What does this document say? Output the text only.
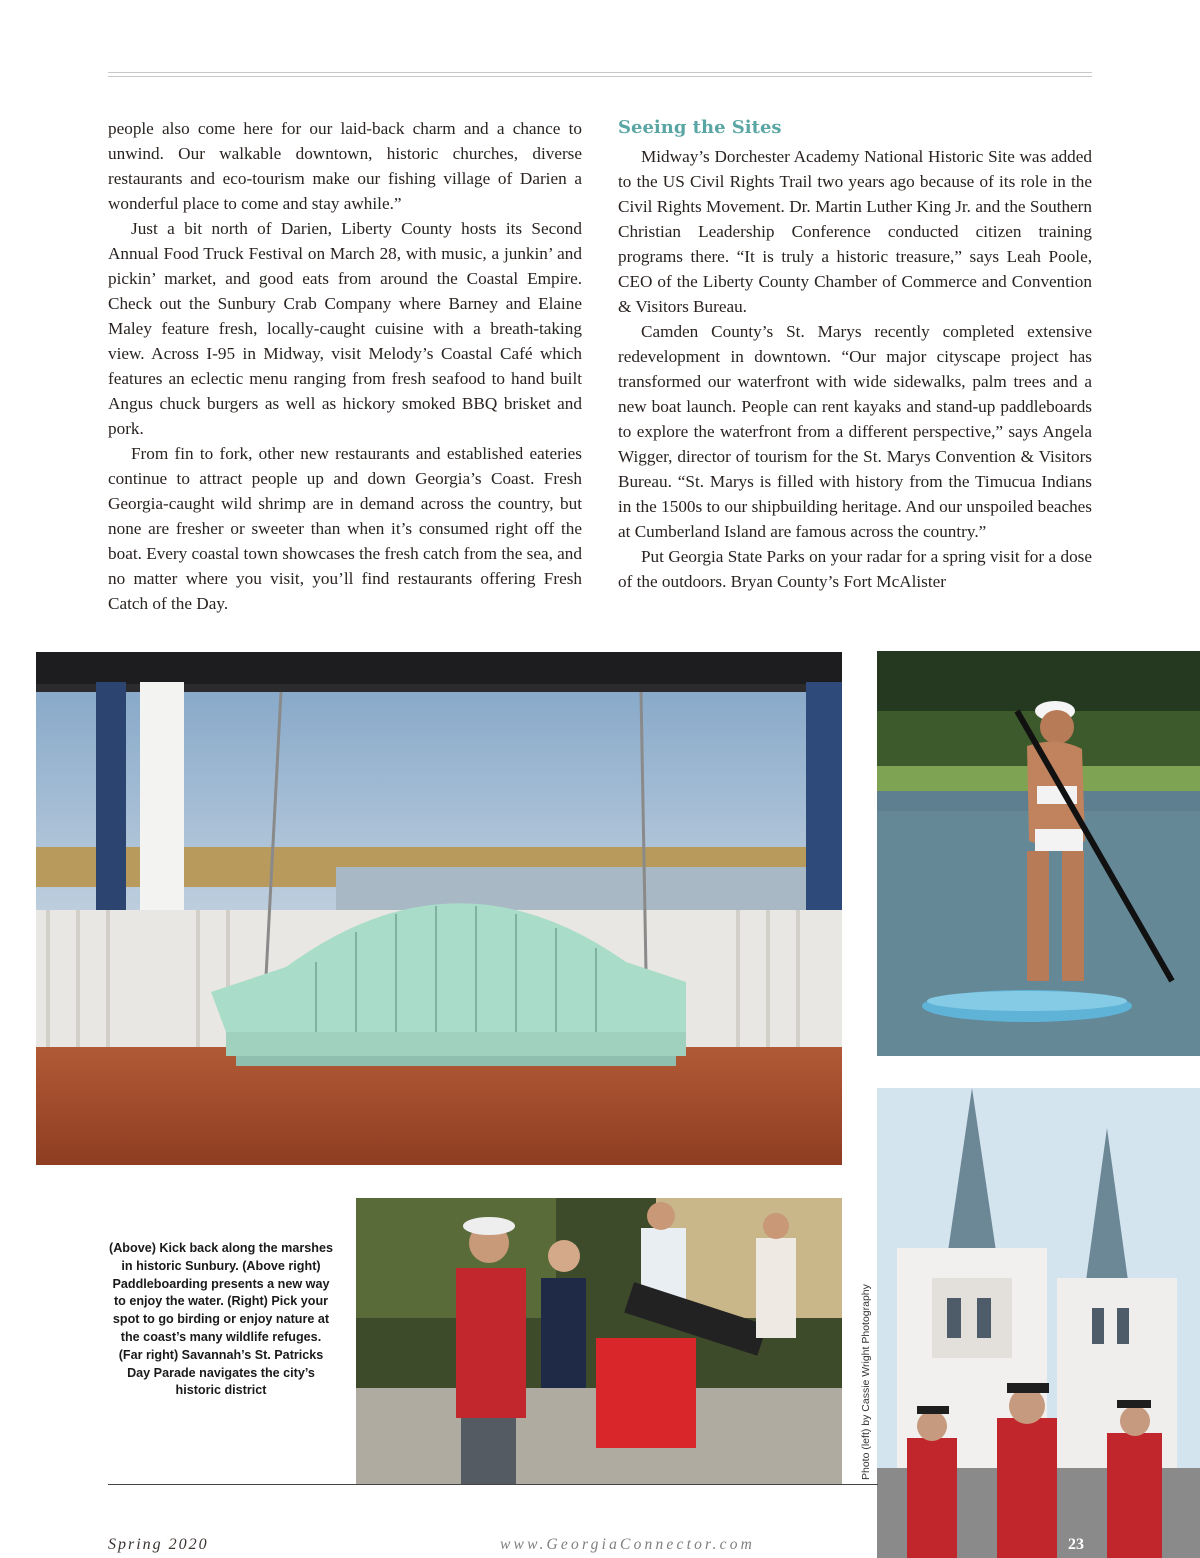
people also come here for our laid-back charm and a chance to unwind. Our walkable downtown, historic churches, diverse restaurants and eco-tourism make our fishing village of Darien a wonderful place to come and stay awhile.”

Just a bit north of Darien, Liberty County hosts its Second Annual Food Truck Festival on March 28, with music, a junkin’ and pickin’ market, and good eats from around the Coastal Empire. Check out the Sunbury Crab Company where Barney and Elaine Maley feature fresh, locally-caught cuisine with a breath-taking view. Across I-95 in Midway, visit Melody’s Coastal Café which features an eclectic menu ranging from fresh seafood to hand built Angus chuck burgers as well as hickory smoked BBQ brisket and pork.

From fin to fork, other new restaurants and established eateries continue to attract people up and down Georgia’s Coast. Fresh Georgia-caught wild shrimp are in demand across the country, but none are fresher or sweeter than when it’s consumed right off the boat. Every coastal town showcases the fresh catch from the sea, and no matter where you visit, you’ll find restaurants offering Fresh Catch of the Day.

Seeing the Sites

Midway’s Dorchester Academy National Historic Site was added to the US Civil Rights Trail two years ago because of its role in the Civil Rights Movement. Dr. Martin Luther King Jr. and the Southern Christian Leadership Conference conducted citizen training programs there. “It is truly a historic treasure,” says Leah Poole, CEO of the Liberty County Chamber of Commerce and Convention & Visitors Bureau.

Camden County’s St. Marys recently completed extensive redevelopment in downtown. “Our major cityscape project has transformed our waterfront with wide sidewalks, palm trees and a new boat launch. People can rent kayaks and stand-up paddleboards to explore the waterfront from a different perspective,” says Angela Wigger, director of tourism for the St. Marys Convention & Visitors Bureau. “St. Marys is filled with history from the Timucua Indians in the 1500s to our shipbuilding heritage. And our unspoiled beaches at Cumberland Island are famous across the country.”

Put Georgia State Parks on your radar for a spring visit for a dose of the outdoors. Bryan County’s Fort McAlister

(Above) Kick back along the marshes in historic Sunbury. (Above right) Paddleboarding presents a new way to enjoy the water. (Right) Pick your spot to go birding or enjoy nature at the coast’s many wildlife refuges. (Far right) Savannah’s St. Patricks Day Parade navigates the city’s historic district	Photo (left) by Cassie Wright Photography
Spring 2020	www.GeorgiaConnector.com	23
